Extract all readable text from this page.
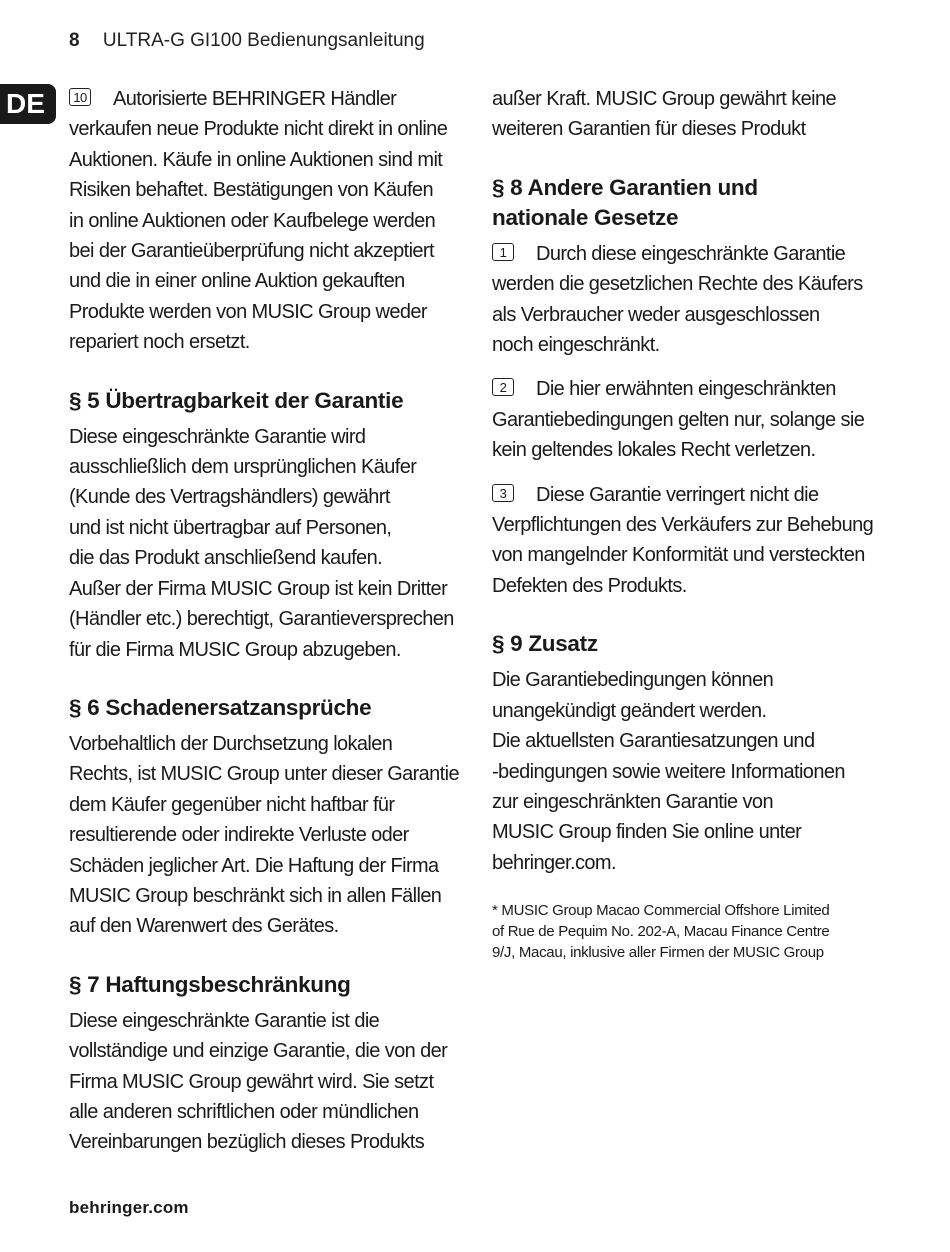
8 ULTRA-G GI100 Bedienungsanleitung
DE	10 Autorisierte BEHRINGER Händler
verkaufen neue Produkte nicht direkt in online
Auktionen. Käufe in online Auktionen sind mit
Risiken behaftet. Bestätigungen von Käufen
in online Auktionen oder Kaufbelege werden
bei der Garantieüberprüfung nicht akzeptiert
und die in einer online Auktion gekauften
Produkte werden von MUSIC Group weder
repariert noch ersetzt.

§ 5 Übertragbarkeit der Garantie

Diese eingeschränkte Garantie wird
ausschließlich dem ursprünglichen Käufer
(Kunde des Vertragshändlers) gewährt
und ist nicht übertragbar auf Personen,
die das Produkt anschließend kaufen.
Außer der Firma MUSIC Group ist kein Dritter
(Händler etc.) berechtigt, Garantieversprechen
für die Firma MUSIC Group abzugeben.

§ 6 Schadenersatzansprüche

Vorbehaltlich der Durchsetzung lokalen
Rechts, ist MUSIC Group unter dieser Garantie
dem Käufer gegenüber nicht haftbar für
resultierende oder indirekte Verluste oder
Schäden jeglicher Art. Die Haftung der Firma
MUSIC Group beschränkt sich in allen Fällen
auf den Warenwert des Gerätes.

§ 7 Haftungsbeschränkung

Diese eingeschränkte Garantie ist die
vollständige und einzige Garantie, die von der
Firma MUSIC Group gewährt wird. Sie setzt
alle anderen schriftlichen oder mündlichen
Vereinbarungen bezüglich dieses Produkts

außer Kraft. MUSIC Group gewährt keine
weiteren Garantien für dieses Produkt

§ 8 Andere Garantien und
nationale Gesetze

1 Durch diese eingeschränkte Garantie
werden die gesetzlichen Rechte des Käufers
als Verbraucher weder ausgeschlossen
noch eingeschränkt.

2 Die hier erwähnten eingeschränkten
Garantiebedingungen gelten nur, solange sie
kein geltendes lokales Recht verletzen.

3 Diese Garantie verringert nicht die
Verpflichtungen des Verkäufers zur Behebung
von mangelnder Konformität und versteckten
Defekten des Produkts.

§ 9 Zusatz

Die Garantiebedingungen können
unangekündigt geändert werden.
Die aktuellsten Garantiesatzungen und
-bedingungen sowie weitere Informationen
zur eingeschränkten Garantie von
MUSIC Group finden Sie online unter
behringer.com.

* MUSIC Group Macao Commercial Offshore Limited
of Rue de Pequim No. 202-A, Macau Finance Centre
9/J, Macau, inklusive aller Firmen der MUSIC Group
behringer.com
